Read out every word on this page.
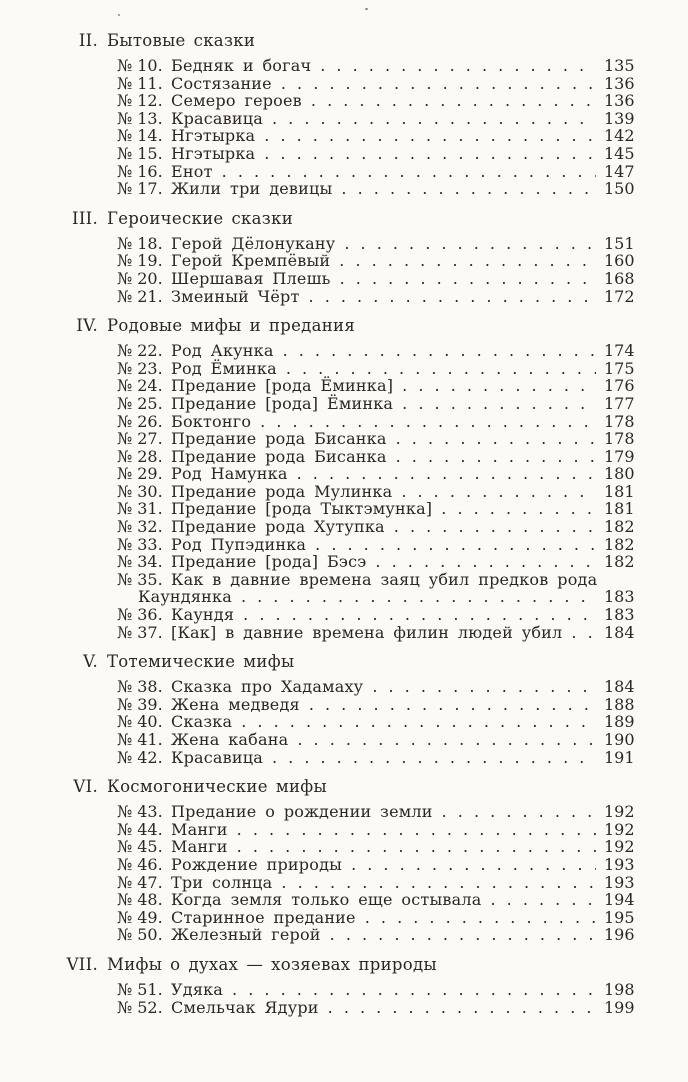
II. Бытовые сказки
№ 10. Бедняк и богач . . .	135
№ 11. Состязание . . .	136
№ 12. Семеро героев . . .	136
№ 13. Красавица . . .	139
№ 14. Нгэтырка . . .	142
№ 15. Нгэтырка . . .	145
№ 16. Енот . . .	147
№ 17. Жили три девицы . . .	150
III. Героические сказки
№ 18. Герой Дёлонукану . . .	151
№ 19. Герой Кремпёвый . . .	160
№ 20. Шершавая Плешь . . .	168
№ 21. Змеиный Чёрт . . .	172
IV. Родовые мифы и предания
№ 22. Род Акунка . . .	174
№ 23. Род Ёминка . . .	175
№ 24. Предание [рода Ёминка] . . .	176
№ 25. Предание [рода] Ёминка . . .	177
№ 26. Боктонго . . .	178
№ 27. Предание рода Бисанка . . .	178
№ 28. Предание рода Бисанка . . .	179
№ 29. Род Намунка . . .	180
№ 30. Предание рода Мулинка . . .	181
№ 31. Предание [рода Тыктэмунка] . . .	181
№ 32. Предание рода Хутупка . . .	182
№ 33. Род Пупэдинка . . .	182
№ 34. Предание [рода] Бэсэ . . .	182
№ 35. Как в давние времена заяц убил предков рода
Каундянка . . .	183
№ 36. Каундя . . .	183
№ 37. [Как] в давние времена филин людей убил . . .	184
V. Тотемические мифы
№ 38. Сказка про Хадамаху . . .	184
№ 39. Жена медведя . . .	188
№ 40. Сказка . . .	189
№ 41. Жена кабана . . .	190
№ 42. Красавица . . .	191
VI. Космогонические мифы
№ 43. Предание о рождении земли . . .	192
№ 44. Манги . . .	192
№ 45. Манги . . .	192
№ 46. Рождение природы . . .	193
№ 47. Три солнца . . .	193
№ 48. Когда земля только еще остывала . . .	194
№ 49. Старинное предание . . .	195
№ 50. Железный герой . . .	196
VII. Мифы о духах — хозяевах природы
№ 51. Удяка . . .	198
№ 52. Смельчак Ядури . . .	199
